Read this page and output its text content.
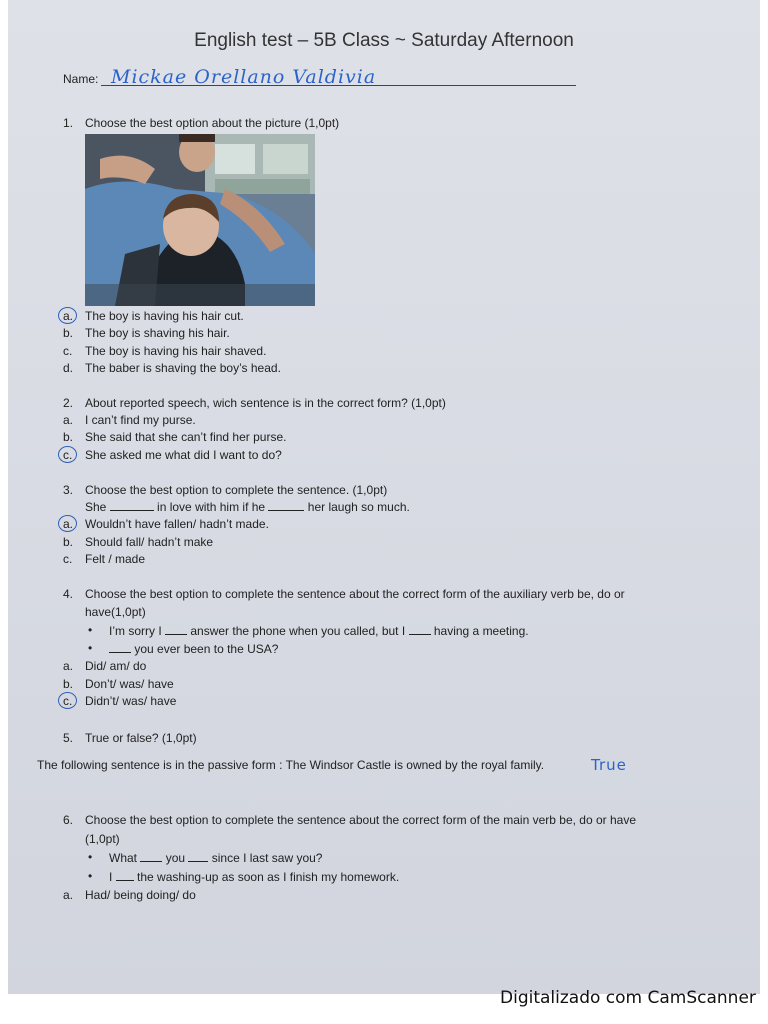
English test – 5B Class ~ Saturday Afternoon
Name: Mickae Orellano Valdivia
1. Choose the best option about the picture (1,0pt)
a. The boy is having his hair cut.
b. The boy is shaving his hair.
c. The boy is having his hair shaved.
d. The baber is shaving the boy’s head.
2. About reported speech, wich sentence is in the correct form? (1,0pt)
a. I can’t find my purse.
b. She said that she can’t find her purse.
c. She asked me what did I want to do?
3. Choose the best option to complete the sentence. (1,0pt)
She	in love with him if he	her laugh so much.
a. Wouldn’t have fallen/ hadn’t made.
b. Should fall/ hadn’t make
c. Felt / made
4. Choose the best option to complete the sentence about the correct form of the auxiliary verb be, do or
have(1,0pt)
• I’m sorry I answer the phone when you called, but I having a meeting.
•	you ever been to the USA?
a. Did/ am/ do
b. Don’t/ was/ have
c. Didn’t/ was/ have
5. True or false? (1,0pt)
The following sentence is in the passive form : The Windsor Castle is owned by the royal family.	True
6. Choose the best option to complete the sentence about the correct form of the main verb be, do or have
(1,0pt)
• What you since I last saw you?
• I the washing-up as soon as I finish my homework.
a. Had/ being doing/ do
Digitalizado com CamScanner
